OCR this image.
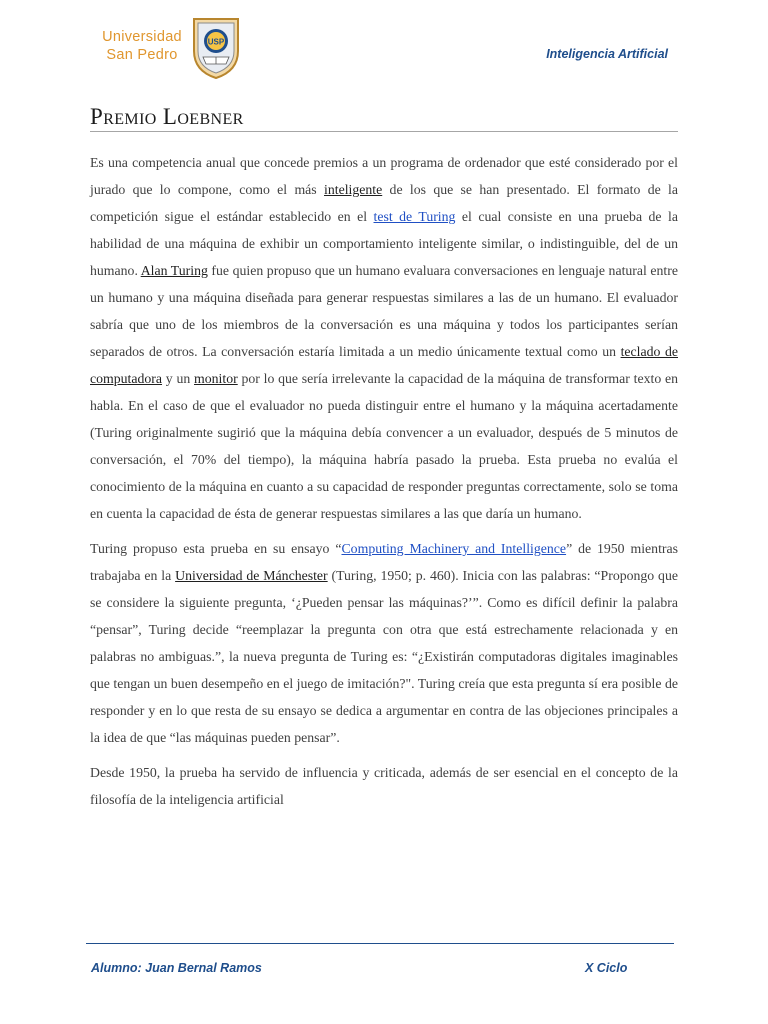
Universidad
San Pedro
USP
Inteligencia Artificial
Premio Loebner

Es una competencia anual que concede premios a un programa de ordenador que esté considerado por el jurado que lo compone, como el más inteligente de los que se han presentado. El formato de la competición sigue el estándar establecido en el test de Turing el cual consiste en una prueba de la habilidad de una máquina de exhibir un comportamiento inteligente similar, o indistinguible, del de un humano. Alan Turing fue quien propuso que un humano evaluara conversaciones en lenguaje natural entre un humano y una máquina diseñada para generar respuestas similares a las de un humano. El evaluador sabría que uno de los miembros de la conversación es una máquina y todos los participantes serían separados de otros. La conversación estaría limitada a un medio únicamente textual como un teclado de computadora y un monitor por lo que sería irrelevante la capacidad de la máquina de transformar texto en habla. En el caso de que el evaluador no pueda distinguir entre el humano y la máquina acertadamente (Turing originalmente sugirió que la máquina debía convencer a un evaluador, después de 5 minutos de conversación, el 70% del tiempo), la máquina habría pasado la prueba. Esta prueba no evalúa el conocimiento de la máquina en cuanto a su capacidad de responder preguntas correctamente, solo se toma en cuenta la capacidad de ésta de generar respuestas similares a las que daría un humano.

Turing propuso esta prueba en su ensayo “Computing Machinery and Intelligence” de 1950 mientras trabajaba en la Universidad de Mánchester (Turing, 1950; p. 460). Inicia con las palabras: “Propongo que se considere la siguiente pregunta, ‘¿Pueden pensar las máquinas?’”. Como es difícil definir la palabra “pensar”, Turing decide “reemplazar la pregunta con otra que está estrechamente relacionada y en palabras no ambiguas.”, la nueva pregunta de Turing es: “¿Existirán computadoras digitales imaginables que tengan un buen desempeño en el juego de imitación?". Turing creía que esta pregunta sí era posible de responder y en lo que resta de su ensayo se dedica a argumentar en contra de las objeciones principales a la idea de que “las máquinas pueden pensar”.

Desde 1950, la prueba ha servido de influencia y criticada, además de ser esencial en el concepto de la filosofía de la inteligencia artificial

Alumno: Juan Bernal Ramos	X Ciclo
